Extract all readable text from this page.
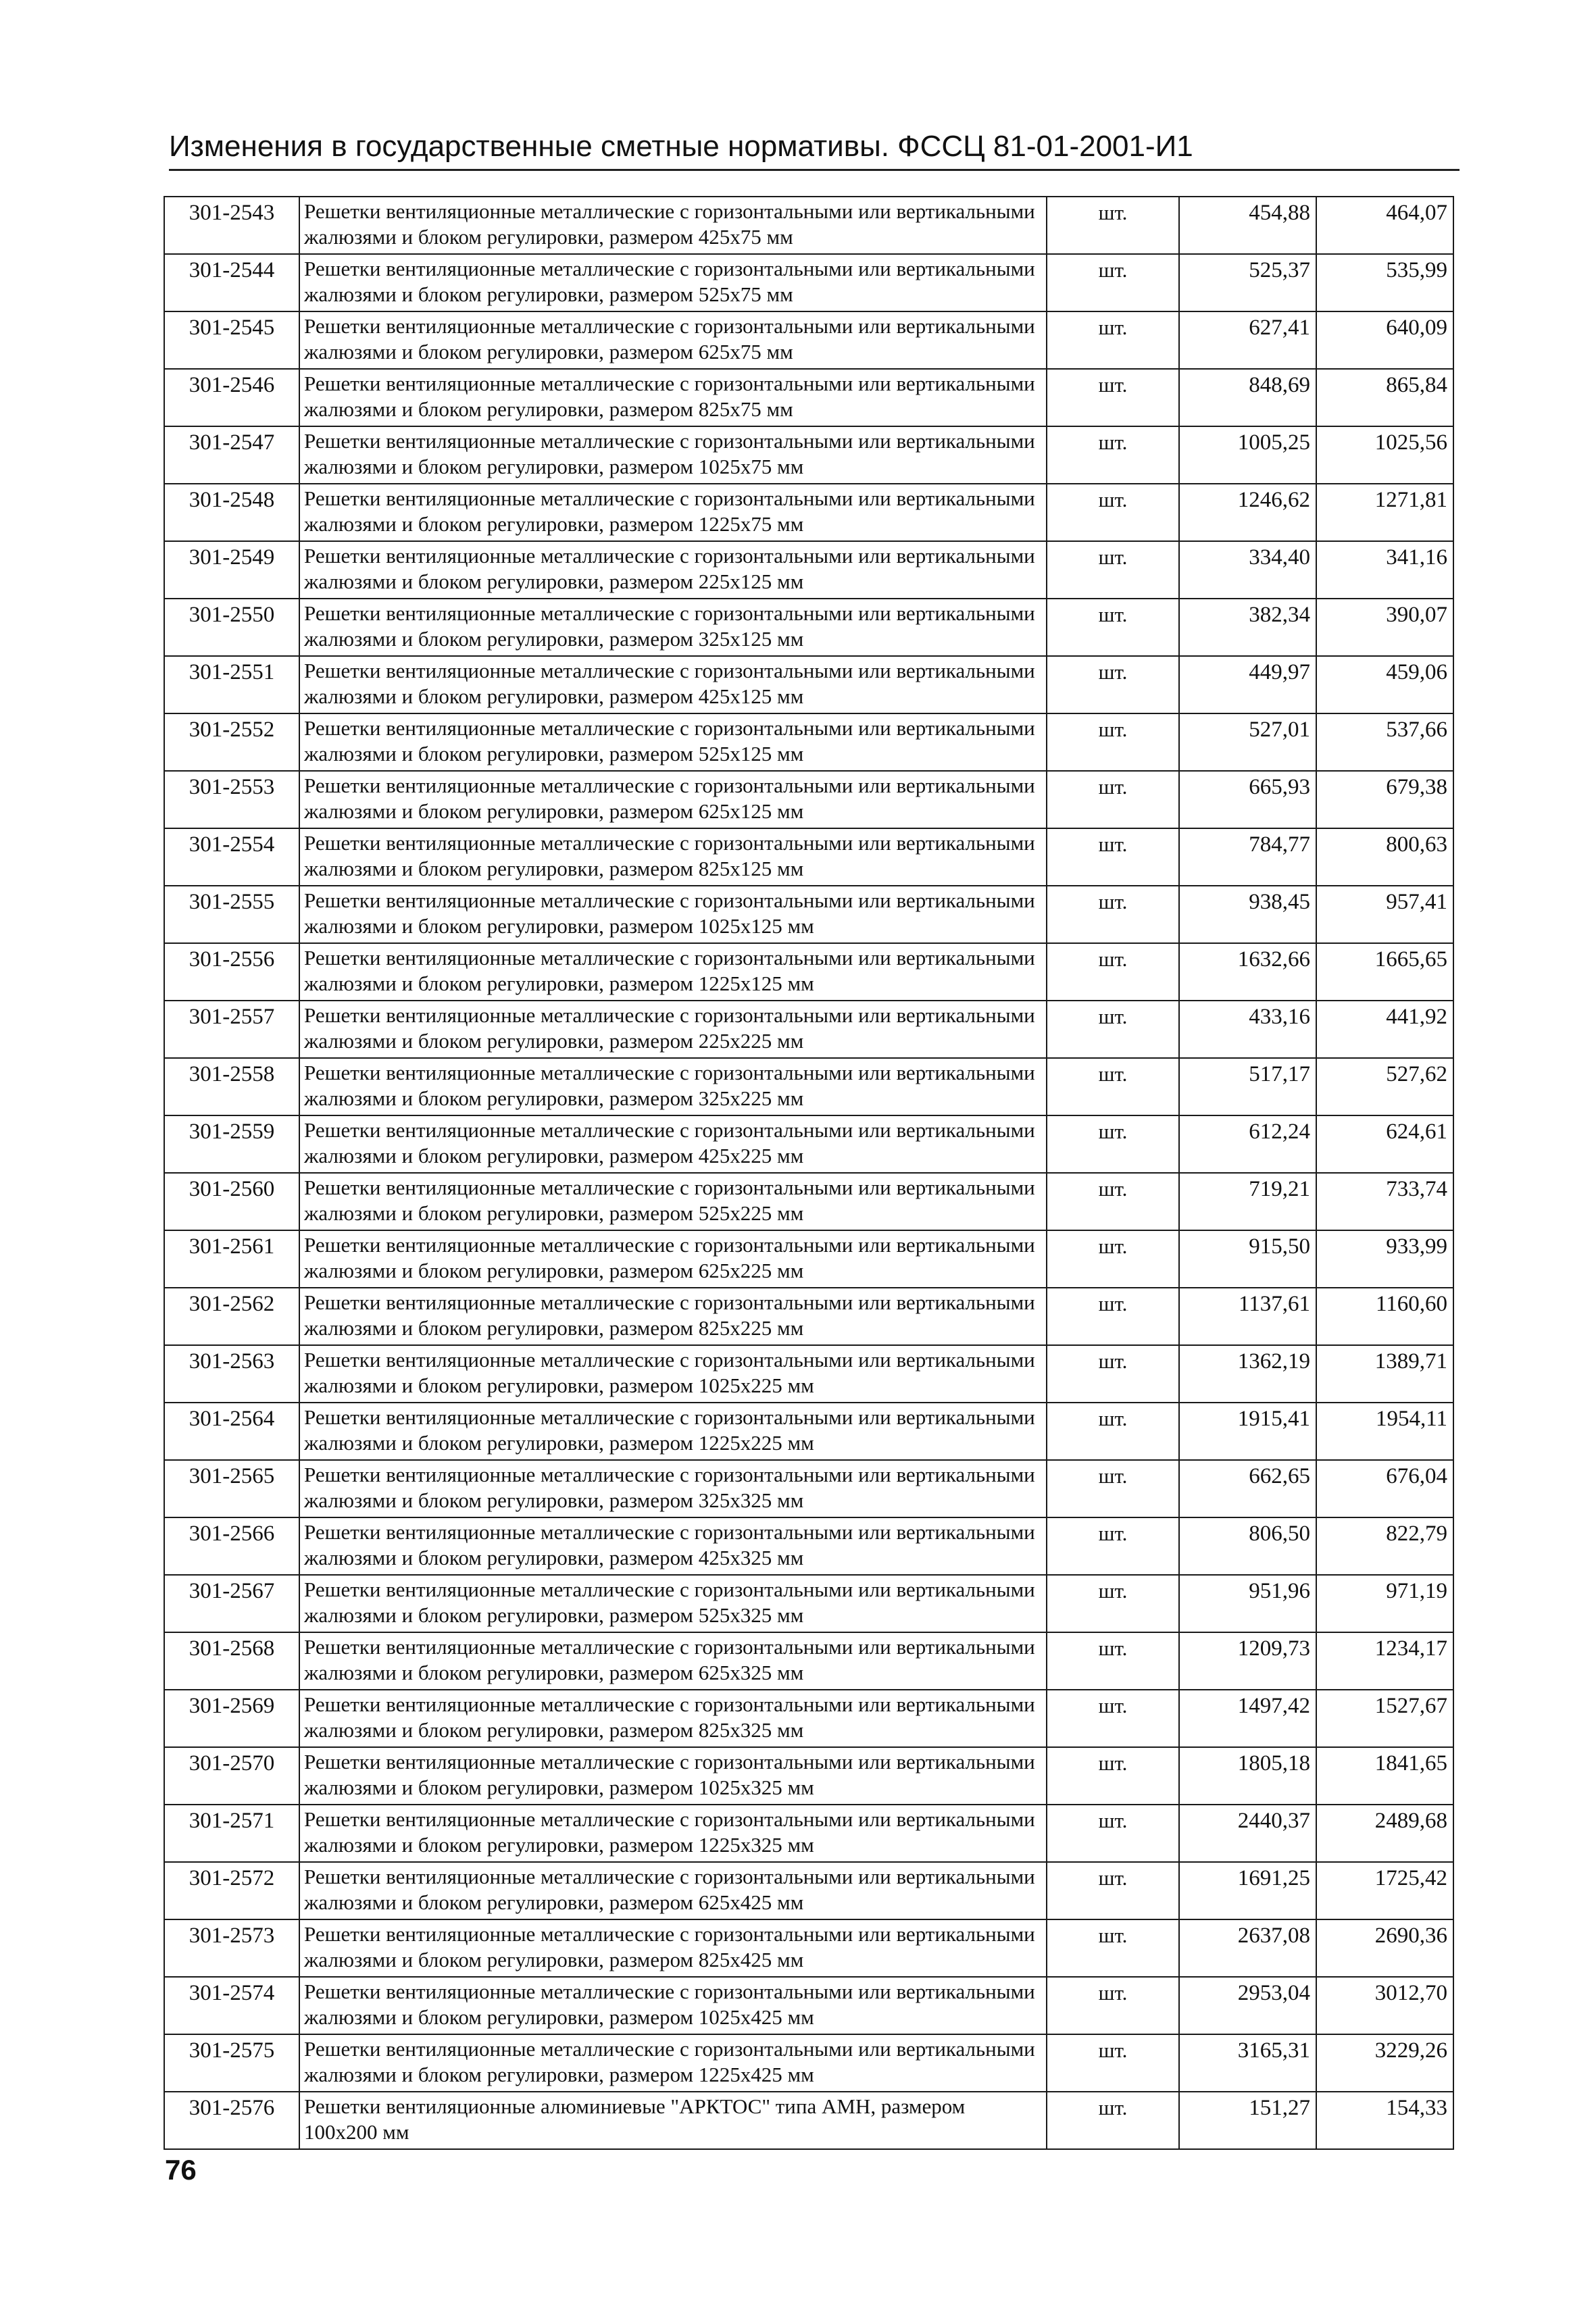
Изменения в государственные сметные нормативы. ФССЦ 81-01-2001-И1
301-2543	Решетки вентиляционные металлические с горизонтальными или вертикальными жалюзями и блоком регулировки, размером 425х75 мм	шт.	454,88	464,07
301-2544	Решетки вентиляционные металлические с горизонтальными или вертикальными жалюзями и блоком регулировки, размером 525х75 мм	шт.	525,37	535,99
301-2545	Решетки вентиляционные металлические с горизонтальными или вертикальными жалюзями и блоком регулировки, размером 625х75 мм	шт.	627,41	640,09
301-2546	Решетки вентиляционные металлические с горизонтальными или вертикальными жалюзями и блоком регулировки, размером 825х75 мм	шт.	848,69	865,84
301-2547	Решетки вентиляционные металлические с горизонтальными или вертикальными жалюзями и блоком регулировки, размером 1025х75 мм	шт.	1005,25	1025,56
301-2548	Решетки вентиляционные металлические с горизонтальными или вертикальными жалюзями и блоком регулировки, размером 1225х75 мм	шт.	1246,62	1271,81
301-2549	Решетки вентиляционные металлические с горизонтальными или вертикальными жалюзями и блоком регулировки, размером 225х125 мм	шт.	334,40	341,16
301-2550	Решетки вентиляционные металлические с горизонтальными или вертикальными жалюзями и блоком регулировки, размером 325х125 мм	шт.	382,34	390,07
301-2551	Решетки вентиляционные металлические с горизонтальными или вертикальными жалюзями и блоком регулировки, размером 425х125 мм	шт.	449,97	459,06
301-2552	Решетки вентиляционные металлические с горизонтальными или вертикальными жалюзями и блоком регулировки, размером 525х125 мм	шт.	527,01	537,66
301-2553	Решетки вентиляционные металлические с горизонтальными или вертикальными жалюзями и блоком регулировки, размером 625х125 мм	шт.	665,93	679,38
301-2554	Решетки вентиляционные металлические с горизонтальными или вертикальными жалюзями и блоком регулировки, размером 825х125 мм	шт.	784,77	800,63
301-2555	Решетки вентиляционные металлические с горизонтальными или вертикальными жалюзями и блоком регулировки, размером 1025х125 мм	шт.	938,45	957,41
301-2556	Решетки вентиляционные металлические с горизонтальными или вертикальными жалюзями и блоком регулировки, размером 1225х125 мм	шт.	1632,66	1665,65
301-2557	Решетки вентиляционные металлические с горизонтальными или вертикальными жалюзями и блоком регулировки, размером 225х225 мм	шт.	433,16	441,92
301-2558	Решетки вентиляционные металлические с горизонтальными или вертикальными жалюзями и блоком регулировки, размером 325х225 мм	шт.	517,17	527,62
301-2559	Решетки вентиляционные металлические с горизонтальными или вертикальными жалюзями и блоком регулировки, размером 425х225 мм	шт.	612,24	624,61
301-2560	Решетки вентиляционные металлические с горизонтальными или вертикальными жалюзями и блоком регулировки, размером 525х225 мм	шт.	719,21	733,74
301-2561	Решетки вентиляционные металлические с горизонтальными или вертикальными жалюзями и блоком регулировки, размером 625х225 мм	шт.	915,50	933,99
301-2562	Решетки вентиляционные металлические с горизонтальными или вертикальными жалюзями и блоком регулировки, размером 825х225 мм	шт.	1137,61	1160,60
301-2563	Решетки вентиляционные металлические с горизонтальными или вертикальными жалюзями и блоком регулировки, размером 1025х225 мм	шт.	1362,19	1389,71
301-2564	Решетки вентиляционные металлические с горизонтальными или вертикальными жалюзями и блоком регулировки, размером 1225х225 мм	шт.	1915,41	1954,11
301-2565	Решетки вентиляционные металлические с горизонтальными или вертикальными жалюзями и блоком регулировки, размером 325х325 мм	шт.	662,65	676,04
301-2566	Решетки вентиляционные металлические с горизонтальными или вертикальными жалюзями и блоком регулировки, размером 425х325 мм	шт.	806,50	822,79
301-2567	Решетки вентиляционные металлические с горизонтальными или вертикальными жалюзями и блоком регулировки, размером 525х325 мм	шт.	951,96	971,19
301-2568	Решетки вентиляционные металлические с горизонтальными или вертикальными жалюзями и блоком регулировки, размером 625х325 мм	шт.	1209,73	1234,17
301-2569	Решетки вентиляционные металлические с горизонтальными или вертикальными жалюзями и блоком регулировки, размером 825х325 мм	шт.	1497,42	1527,67
301-2570	Решетки вентиляционные металлические с горизонтальными или вертикальными жалюзями и блоком регулировки, размером 1025х325 мм	шт.	1805,18	1841,65
301-2571	Решетки вентиляционные металлические с горизонтальными или вертикальными жалюзями и блоком регулировки, размером 1225х325 мм	шт.	2440,37	2489,68
301-2572	Решетки вентиляционные металлические с горизонтальными или вертикальными жалюзями и блоком регулировки, размером 625х425 мм	шт.	1691,25	1725,42
301-2573	Решетки вентиляционные металлические с горизонтальными или вертикальными жалюзями и блоком регулировки, размером 825х425 мм	шт.	2637,08	2690,36
301-2574	Решетки вентиляционные металлические с горизонтальными или вертикальными жалюзями и блоком регулировки, размером 1025х425 мм	шт.	2953,04	3012,70
301-2575	Решетки вентиляционные металлические с горизонтальными или вертикальными жалюзями и блоком регулировки, размером 1225х425 мм	шт.	3165,31	3229,26
301-2576	Решетки вентиляционные алюминиевые "АРКТОС" типа АМН, размером 100х200 мм	шт.	151,27	154,33
76
